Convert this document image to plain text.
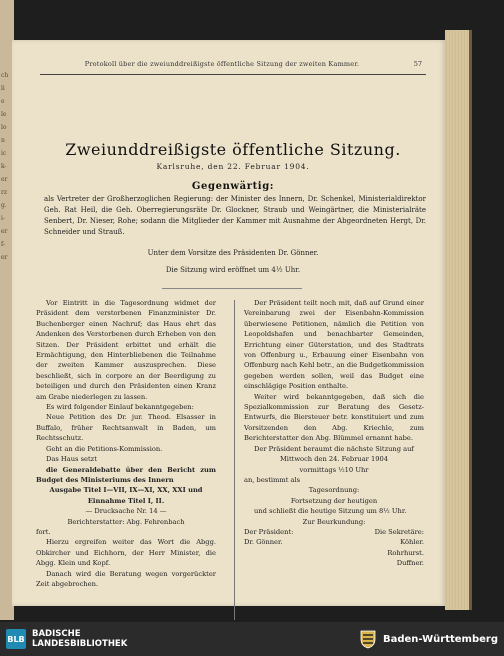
ch
li
e
le
lo
n
ic
k-
er
rz
g.
i-
er
f-
er
Protokoll über die zweiunddreißigste öffentliche Sitzung der zweiten Kammer.	57
Zweiunddreißigste öffentliche Sitzung.
Karlsruhe, den 22. Februar 1904.
Gegenwärtig:
als Vertreter der Großherzoglichen Regierung: der Minister des Innern, Dr. Schenkel, Ministerialdirektor Geh. Rat Heil, die Geh. Oberregierungsräte Dr. Glockner, Straub und Weingärtner, die Ministerialräte Senbert, Dr. Nieser, Rohe; sodann die Mitglieder der Kammer mit Ausnahme der Abgeordneten Hergt, Dr. Schneider und Strauß.
Unter dem Vorsitze des Präsidenten Dr. Gönner.
Die Sitzung wird eröffnet um 4½ Uhr.

Vor Eintritt in die Tagesordnung widmet der Präsident dem verstorbenen Finanzminister Dr. Buchenberger einen Nachruf; das Haus ehrt das Andenken des Verstorbenen durch Erheben von den Sitzen. Der Präsident erbittet und erhält die Ermächtigung, den Hinterbliebenen die Teilnahme der zweiten Kammer auszusprechen. Diese beschließt, sich in corpore an der Beerdigung zu beteiligen und durch den Präsidenten einen Kranz am Grabe niederlegen zu lassen.

Es wird folgender Einlauf bekanntgegeben:

Neue Petition des Dr. jur. Theod. Elsasser in Buffalo, früher Rechtsanwalt in Baden, um Rechtsschutz.

Geht an die Petitions-Kommission.

Das Haus setzt

die Generaldebatte über den Bericht zum Budget des Ministeriums des Innern

Ausgabe Titel I—VII, IX—XI, XX, XXI und Einnahme Titel I, II.

— Drucksache Nr. 14 —

Berichterstatter: Abg. Fehrenbach

fort.

Hierzu ergreifen weiter das Wort die Abgg. Obkircher und Eichhorn, der Herr Minister, die Abgg. Klein und Kopf.

Danach wird die Beratung wegen vorgerückter Zeit abgebrochen.

Der Präsident teilt noch mit, daß auf Grund einer Vereinbarung zwei der Eisenbahn-Kommission überwiesene Petitionen, nämlich die Petition von Leopoldshafen und benachbarter Gemeinden, Errichtung einer Güterstation, und des Stadtrats von Offenburg u., Erbauung einer Eisenbahn von Offenburg nach Kehl betr., an die Budgetkommission gegeben werden sollen, weil das Budget eine einschlägige Position enthalte.

Weiter wird bekanntgegeben, daß sich die Spezialkommission zur Beratung des Gesetz-Entwurfs, die Biersteuer betr. konstituiert und zum Vorsitzenden den Abg. Kriechle, zum Berichterstatter den Abg. Blümmel ernannt habe.

Der Präsident beraumt die nächste Sitzung auf

Mittwoch den 24. Februar 1904

vormittags ½10 Uhr

an, bestimmt als

Tagesordnung:

Fortsetzung der heutigen

und schließt die heutige Sitzung um 8½ Uhr.

Zur Beurkundung:

Der Präsident:	Die Sekretäre:
Dr. Gönner.	Köhler.

Rohrhurst.

Duffner.

BLB BADISCHE
LANDESBIBLIOTHEK	Baden-Württemberg
